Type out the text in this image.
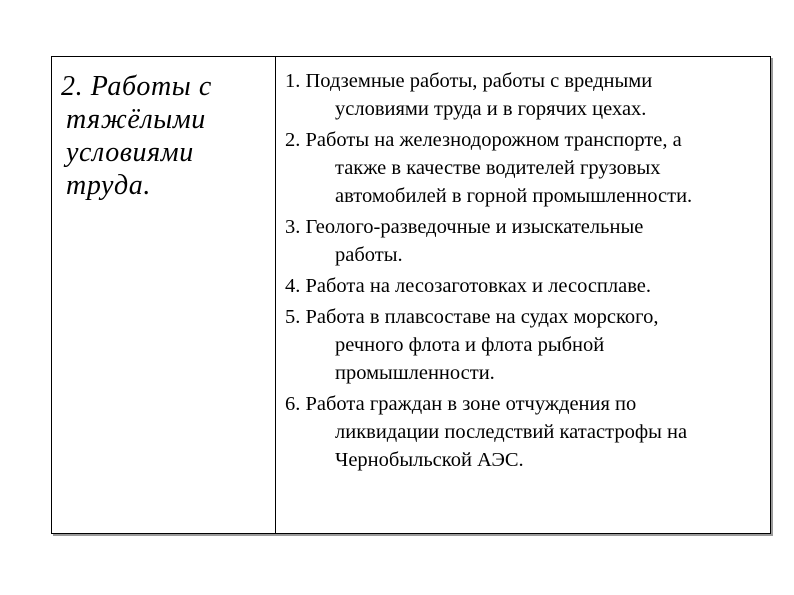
2. Работы с
тяжёлыми
условиями
труда.
1. Подземные работы, работы с вредными
условиями труда и в горячих цехах.
2. Работы на железнодорожном транспорте, а
также в качестве водителей грузовых
автомобилей в горной промышленности.
3. Геолого-разведочные и изыскательные
работы.
4. Работа на лесозаготовках и лесосплаве.
5. Работа в плавсоставе на судах морского,
речного флота и флота рыбной
промышленности.
6. Работа граждан в зоне отчуждения по
ликвидации последствий катастрофы на
Чернобыльской АЭС.
